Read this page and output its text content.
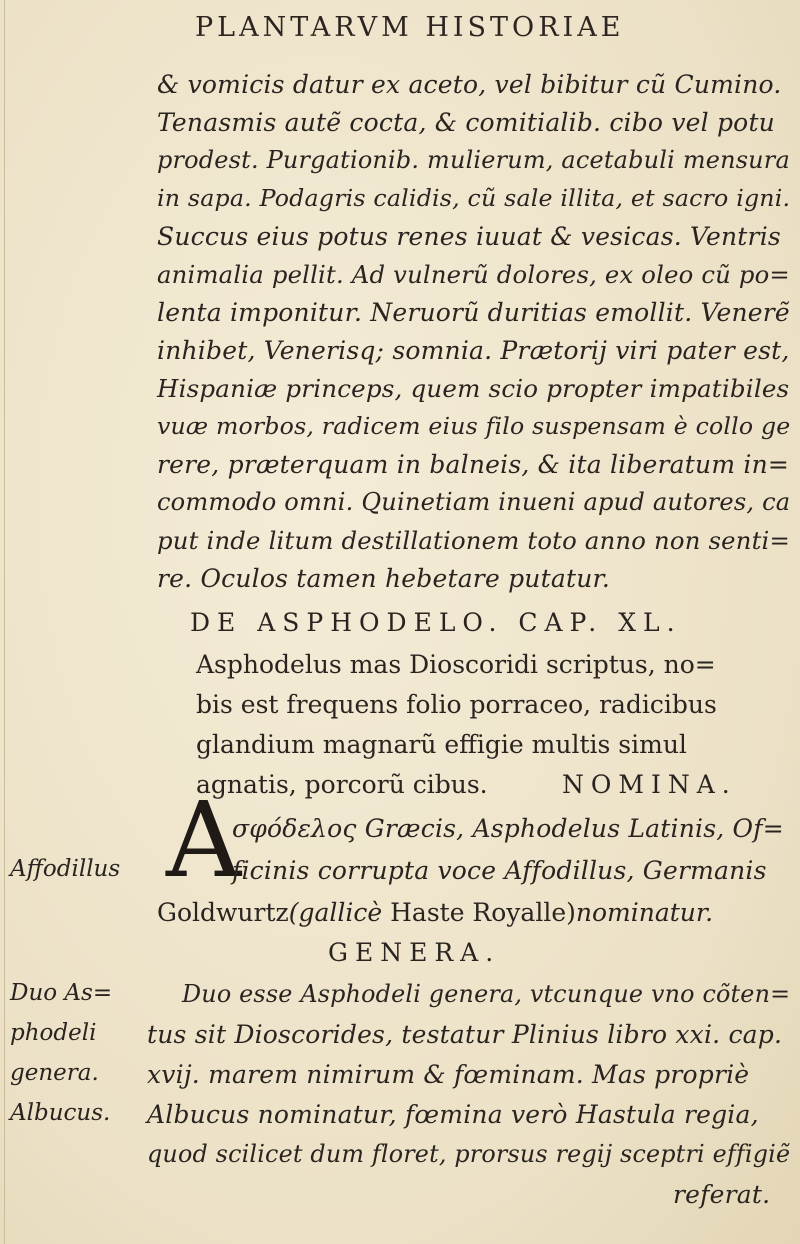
PLANTARVM HISTORIAE
& vomicis datur ex aceto, vel bibitur cũ Cumino.
Tenasmis autẽ cocta, & comitialib. cibo vel potu
prodest. Purgationib. mulierum, acetabuli mensura
in sapa. Podagris calidis, cũ sale illita, et sacro igni.
Succus eius potus renes iuuat & vesicas. Ventris
animalia pellit. Ad vulnerũ dolores, ex oleo cũ po=
lenta imponitur. Neruorũ duritias emollit. Venerẽ
inhibet, Venerisq; somnia. Prætorij viri pater est,
Hispaniæ princeps, quem scio propter impatibiles
vuæ morbos, radicem eius filo suspensam è collo ge
rere, præterquam in balneis, & ita liberatum in=
commodo omni. Quinetiam inueni apud autores, ca
put inde litum destillationem toto anno non senti=
re. Oculos tamen hebetare putatur.
DE ASPHODELO. CAP. XL.
Asphodelus mas Dioscoridi scriptus, no=
bis est frequens folio porraceo, radicibus
glandium magnarũ effigie multis simul
agnatis, porcorũ cibus.	NOMINA.
A
σφόδελος Græcis, Asphodelus Latinis, Of=
ficinis corrupta voce Affodillus, Germanis
Goldwurtz(gallicè Haste Royalle)nominatur.
GENERA.
Duo esse Asphodeli genera, vtcunque vno cõten=
tus sit Dioscorides, testatur Plinius libro xxi. cap.
xvij. marem nimirum & fœminam. Mas propriè
Albucus nominatur, fœmina verò Hastula regia,
quod scilicet dum floret, prorsus regij sceptri effigiẽ
referat.
Affodillus
Duo As=
phodeli
genera.
Albucus.
